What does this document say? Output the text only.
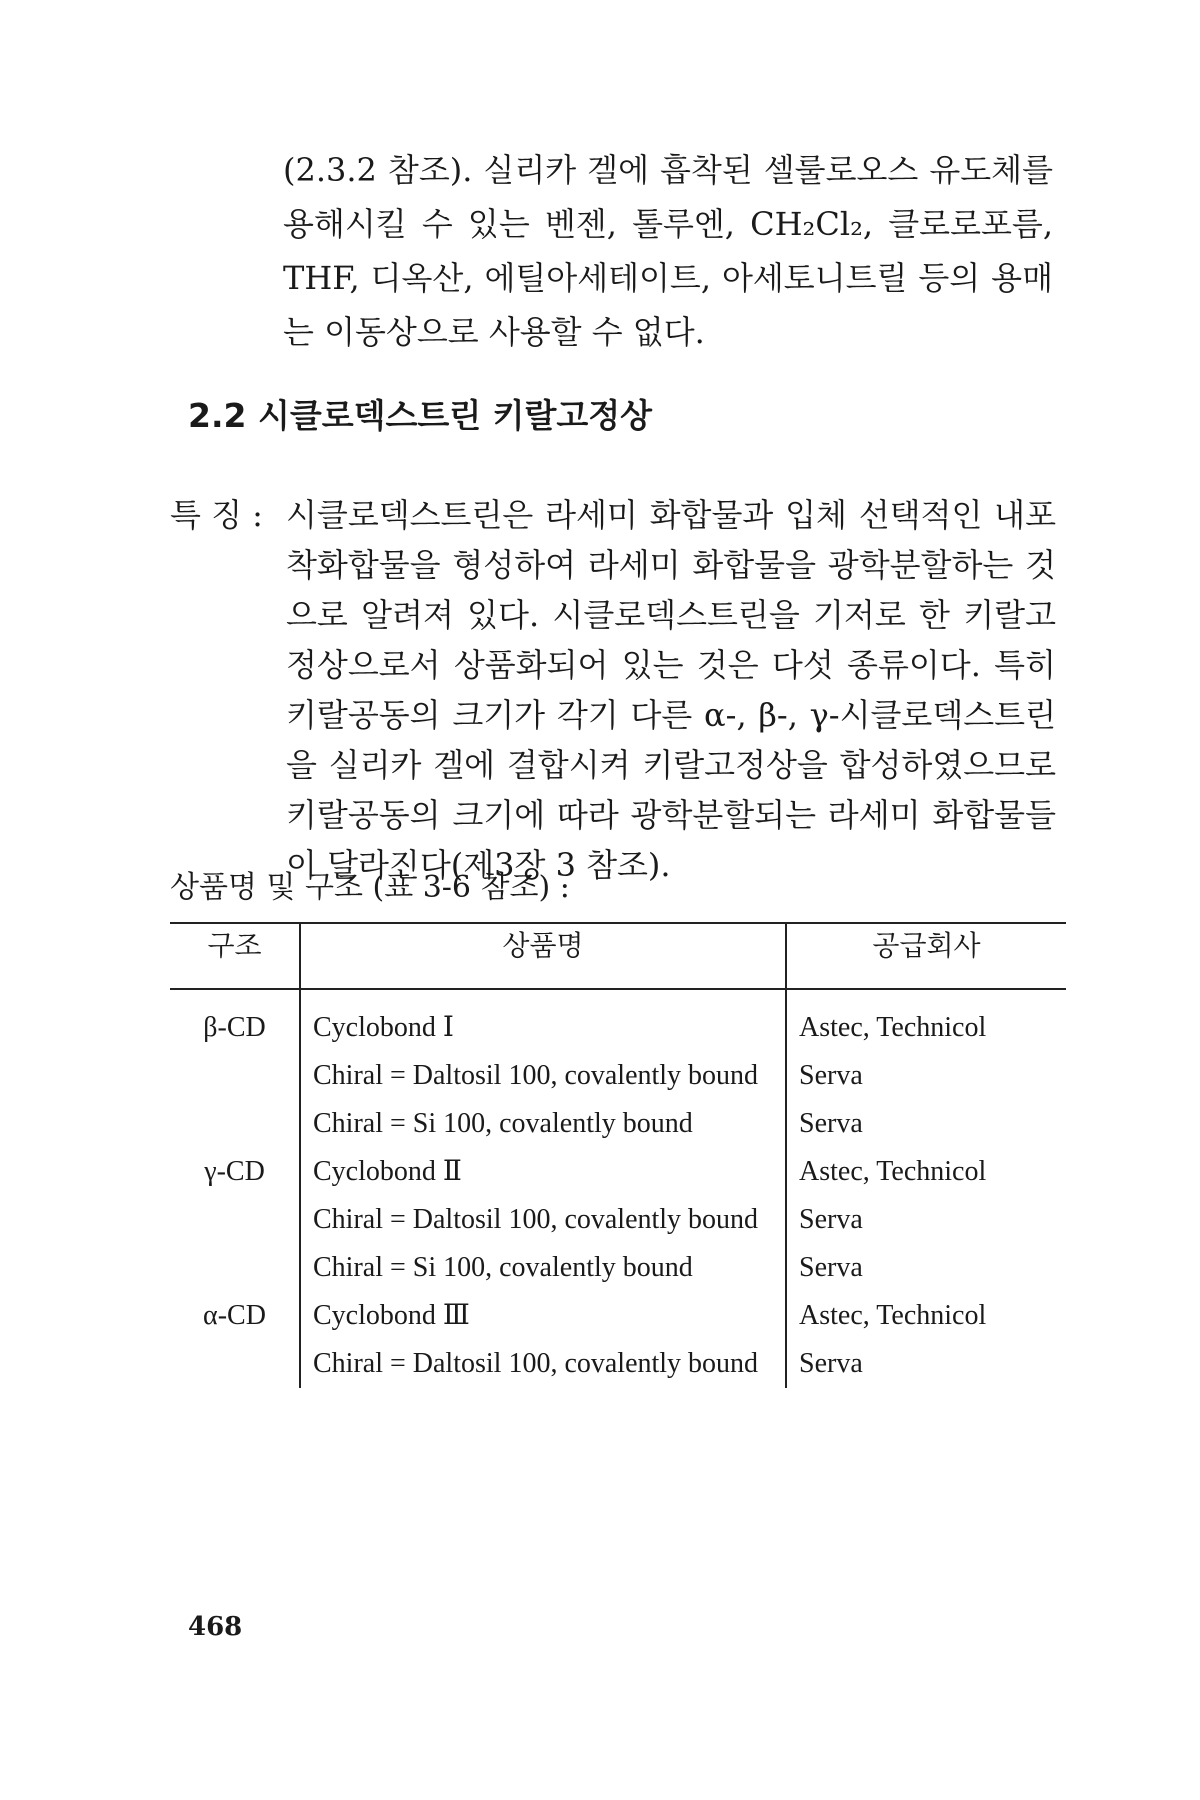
(2.3.2 참조). 실리카 겔에 흡착된 셀룰로오스 유도체를 용해시킬 수 있는 벤젠, 톨루엔, CH₂Cl₂, 클로로포름, THF, 디옥산, 에틸아세테이트, 아세토니트릴 등의 용매는 이동상으로 사용할 수 없다.

2.2 시클로덱스트린 키랄고정상
특 징 : 시클로덱스트린은 라세미 화합물과 입체 선택적인 내포 착화합물을 형성하여 라세미 화합물을 광학분할하는 것으로 알려져 있다. 시클로덱스트린을 기저로 한 키랄고정상으로서 상품화되어 있는 것은 다섯 종류이다. 특히 키랄공동의 크기가 각기 다른 α-, β-, γ-시클로덱스트린을 실리카 겔에 결합시켜 키랄고정상을 합성하였으므로 키랄공동의 크기에 따라 광학분할되는 라세미 화합물들이 달라진다(제3장 3 참조).

상품명 및 구조 (표 3-6 참조) :

구조	상품명	공급회사
β-CD	Cyclobond Ⅰ	Astec, Technicol
	Chiral = Daltosil 100, covalently bound	Serva
	Chiral = Si 100, covalently bound	Serva
γ-CD	Cyclobond Ⅱ	Astec, Technicol
	Chiral = Daltosil 100, covalently bound	Serva
	Chiral = Si 100, covalently bound	Serva
α-CD	Cyclobond Ⅲ	Astec, Technicol
	Chiral = Daltosil 100, covalently bound	Serva

468
